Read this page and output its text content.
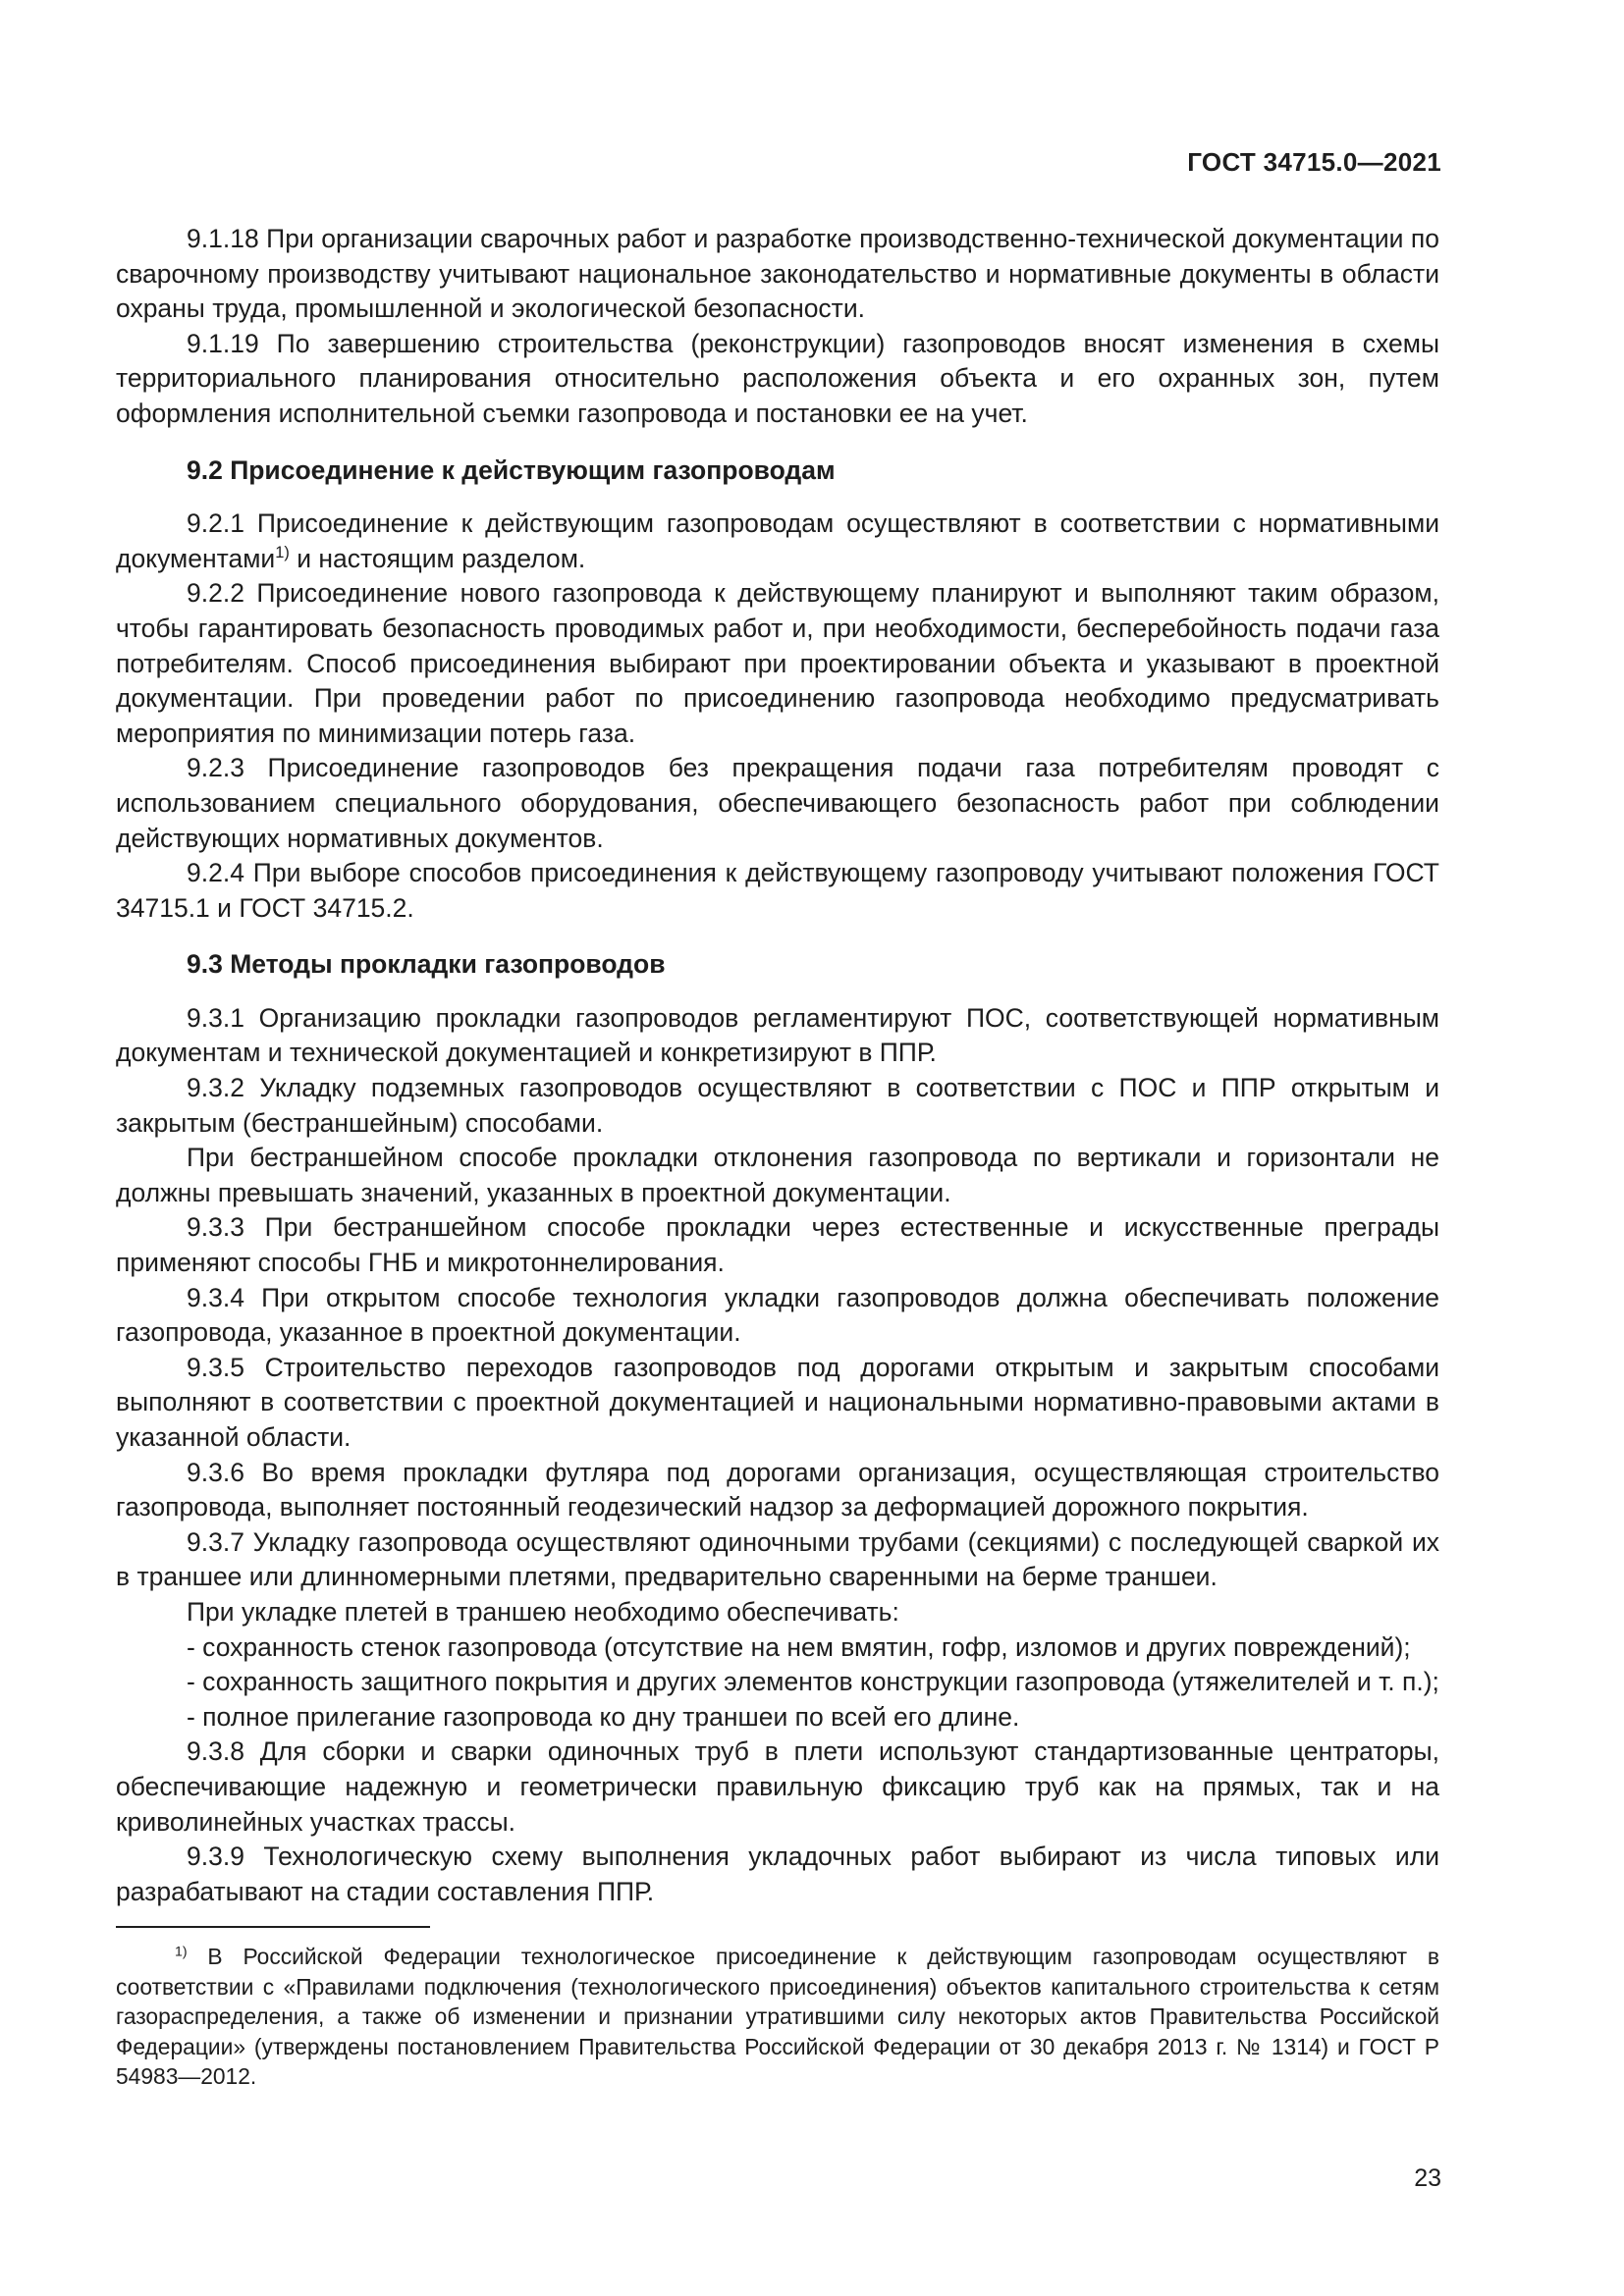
ГОСТ 34715.0—2021

9.1.18 При организации сварочных работ и разработке производственно-технической документации по сварочному производству учитывают национальное законодательство и нормативные документы в области охраны труда, промышленной и экологической безопасности.

9.1.19 По завершению строительства (реконструкции) газопроводов вносят изменения в схемы территориального планирования относительно расположения объекта и его охранных зон, путем оформления исполнительной съемки газопровода и постановки ее на учет.

9.2 Присоединение к действующим газопроводам

9.2.1 Присоединение к действующим газопроводам осуществляют в соответствии с нормативными документами$^{1)}$ и настоящим разделом.

9.2.2 Присоединение нового газопровода к действующему планируют и выполняют таким образом, чтобы гарантировать безопасность проводимых работ и, при необходимости, бесперебойность подачи газа потребителям. Способ присоединения выбирают при проектировании объекта и указывают в проектной документации. При проведении работ по присоединению газопровода необходимо предусматривать мероприятия по минимизации потерь газа.

9.2.3 Присоединение газопроводов без прекращения подачи газа потребителям проводят с использованием специального оборудования, обеспечивающего безопасность работ при соблюдении действующих нормативных документов.

9.2.4 При выборе способов присоединения к действующему газопроводу учитывают положения ГОСТ 34715.1 и ГОСТ 34715.2.

9.3 Методы прокладки газопроводов

9.3.1 Организацию прокладки газопроводов регламентируют ПОС, соответствующей нормативным документам и технической документацией и конкретизируют в ППР.

9.3.2 Укладку подземных газопроводов осуществляют в соответствии с ПОС и ППР открытым и закрытым (бестраншейным) способами.

При бестраншейном способе прокладки отклонения газопровода по вертикали и горизонтали не должны превышать значений, указанных в проектной документации.

9.3.3 При бестраншейном способе прокладки через естественные и искусственные преграды применяют способы ГНБ и микротоннелирования.

9.3.4 При открытом способе технология укладки газопроводов должна обеспечивать положение газопровода, указанное в проектной документации.

9.3.5 Строительство переходов газопроводов под дорогами открытым и закрытым способами выполняют в соответствии с проектной документацией и национальными нормативно-правовыми актами в указанной области.

9.3.6 Во время прокладки футляра под дорогами организация, осуществляющая строительство газопровода, выполняет постоянный геодезический надзор за деформацией дорожного покрытия.

9.3.7 Укладку газопровода осуществляют одиночными трубами (секциями) с последующей сваркой их в траншее или длинномерными плетями, предварительно сваренными на берме траншеи.

При укладке плетей в траншею необходимо обеспечивать:

- сохранность стенок газопровода (отсутствие на нем вмятин, гофр, изломов и других повреждений);

- сохранность защитного покрытия и других элементов конструкции газопровода (утяжелителей и т. п.);

- полное прилегание газопровода ко дну траншеи по всей его длине.

9.3.8 Для сборки и сварки одиночных труб в плети используют стандартизованные центраторы, обеспечивающие надежную и геометрически правильную фиксацию труб как на прямых, так и на криволинейных участках трассы.

9.3.9 Технологическую схему выполнения укладочных работ выбирают из числа типовых или разрабатывают на стадии составления ППР.

$^{1)}$ В Российской Федерации технологическое присоединение к действующим газопроводам осуществляют в соответствии с «Правилами подключения (технологического присоединения) объектов капитального строительства к сетям газораспределения, а также об изменении и признании утратившими силу некоторых актов Правительства Российской Федерации» (утверждены постановлением Правительства Российской Федерации от 30 декабря 2013 г. № 1314) и ГОСТ Р 54983—2012.

23
